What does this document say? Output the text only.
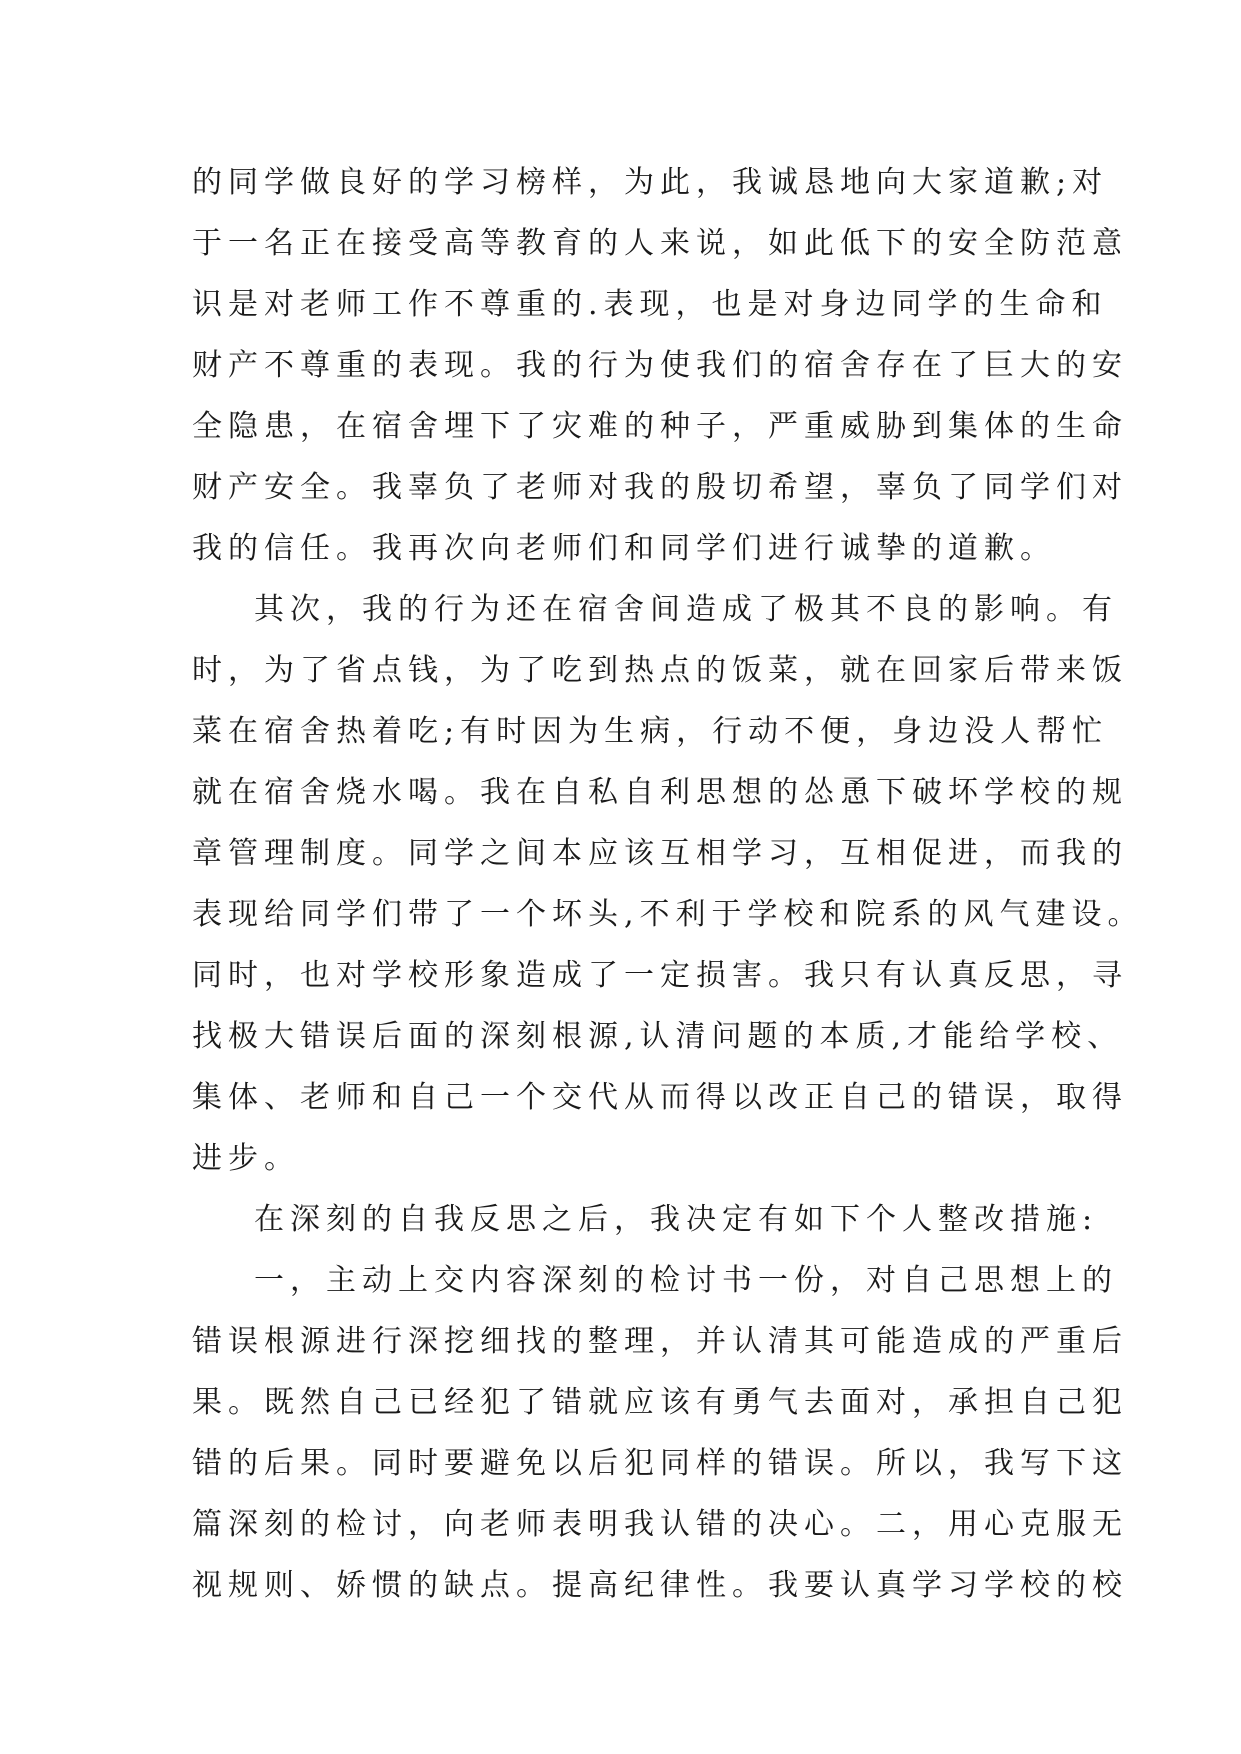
的同学做良好的学习榜样，为此，我诚恳地向大家道歉;对
于一名正在接受高等教育的人来说，如此低下的安全防范意
识是对老师工作不尊重的.表现，也是对身边同学的生命和
财产不尊重的表现。我的行为使我们的宿舍存在了巨大的安
全隐患，在宿舍埋下了灾难的种子，严重威胁到集体的生命
财产安全。我辜负了老师对我的殷切希望，辜负了同学们对
我的信任。我再次向老师们和同学们进行诚挚的道歉。
其次，我的行为还在宿舍间造成了极其不良的影响。有
时，为了省点钱，为了吃到热点的饭菜，就在回家后带来饭
菜在宿舍热着吃;有时因为生病，行动不便，身边没人帮忙
就在宿舍烧水喝。我在自私自利思想的怂恿下破坏学校的规
章管理制度。同学之间本应该互相学习，互相促进，而我的
表现给同学们带了一个坏头,不利于学校和院系的风气建设。
同时，也对学校形象造成了一定损害。我只有认真反思，寻
找极大错误后面的深刻根源,认清问题的本质,才能给学校、
集体、老师和自己一个交代从而得以改正自己的错误，取得
进步。
在深刻的自我反思之后，我决定有如下个人整改措施:
一，主动上交内容深刻的检讨书一份，对自己思想上的
错误根源进行深挖细找的整理，并认清其可能造成的严重后
果。既然自己已经犯了错就应该有勇气去面对，承担自己犯
错的后果。同时要避免以后犯同样的错误。所以，我写下这
篇深刻的检讨，向老师表明我认错的决心。二，用心克服无
视规则、娇惯的缺点。提高纪律性。我要认真学习学校的校
